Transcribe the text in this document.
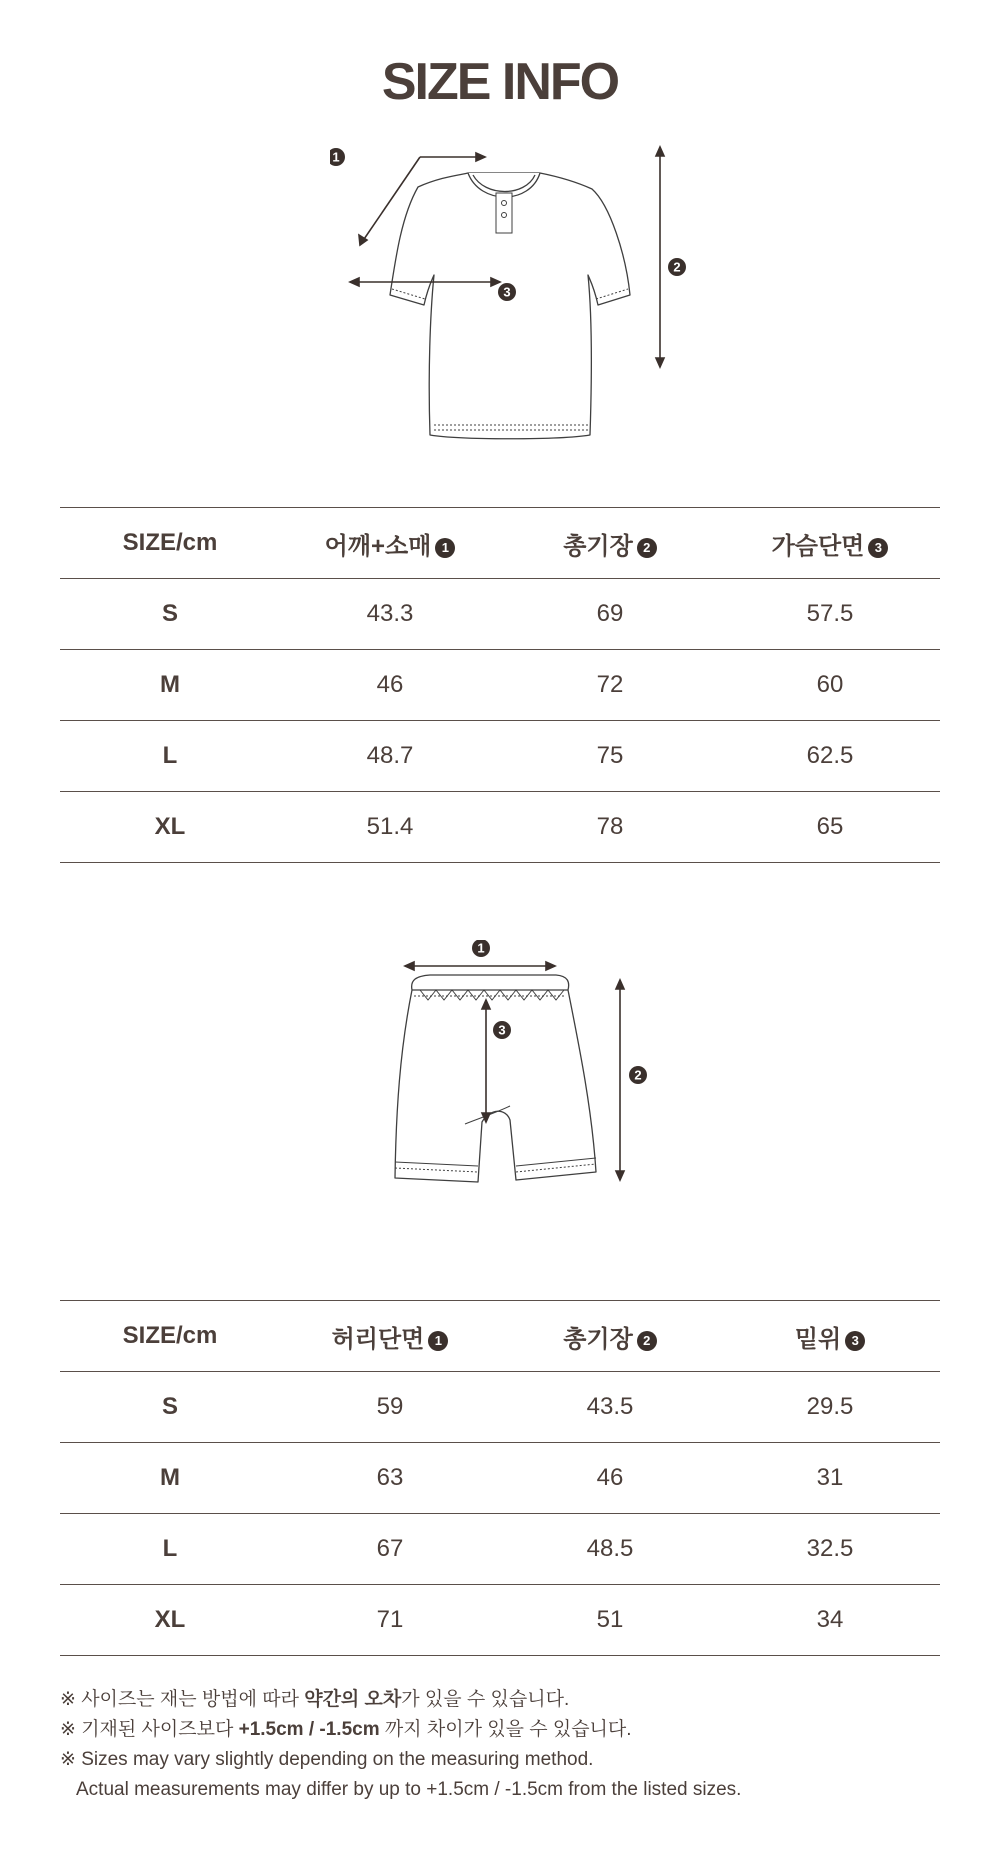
SIZE INFO
1
2
3
SIZE/cm	어깨+소매 1	총기장 2	가슴단면 3
S	43.3	69	57.5
M	46	72	60
L	48.7	75	62.5
XL	51.4	78	65
1
2
3
SIZE/cm	허리단면 1	총기장 2	밑위 3
S	59	43.5	29.5
M	63	46	31
L	67	48.5	32.5
XL	71	51	34

※ 사이즈는 재는 방법에 따라 약간의 오차가 있을 수 있습니다.

※ 기재된 사이즈보다 +1.5cm / -1.5cm 까지 차이가 있을 수 있습니다.

※ Sizes may vary slightly depending on the measuring method.

Actual measurements may differ by up to +1.5cm / -1.5cm from the listed sizes.
